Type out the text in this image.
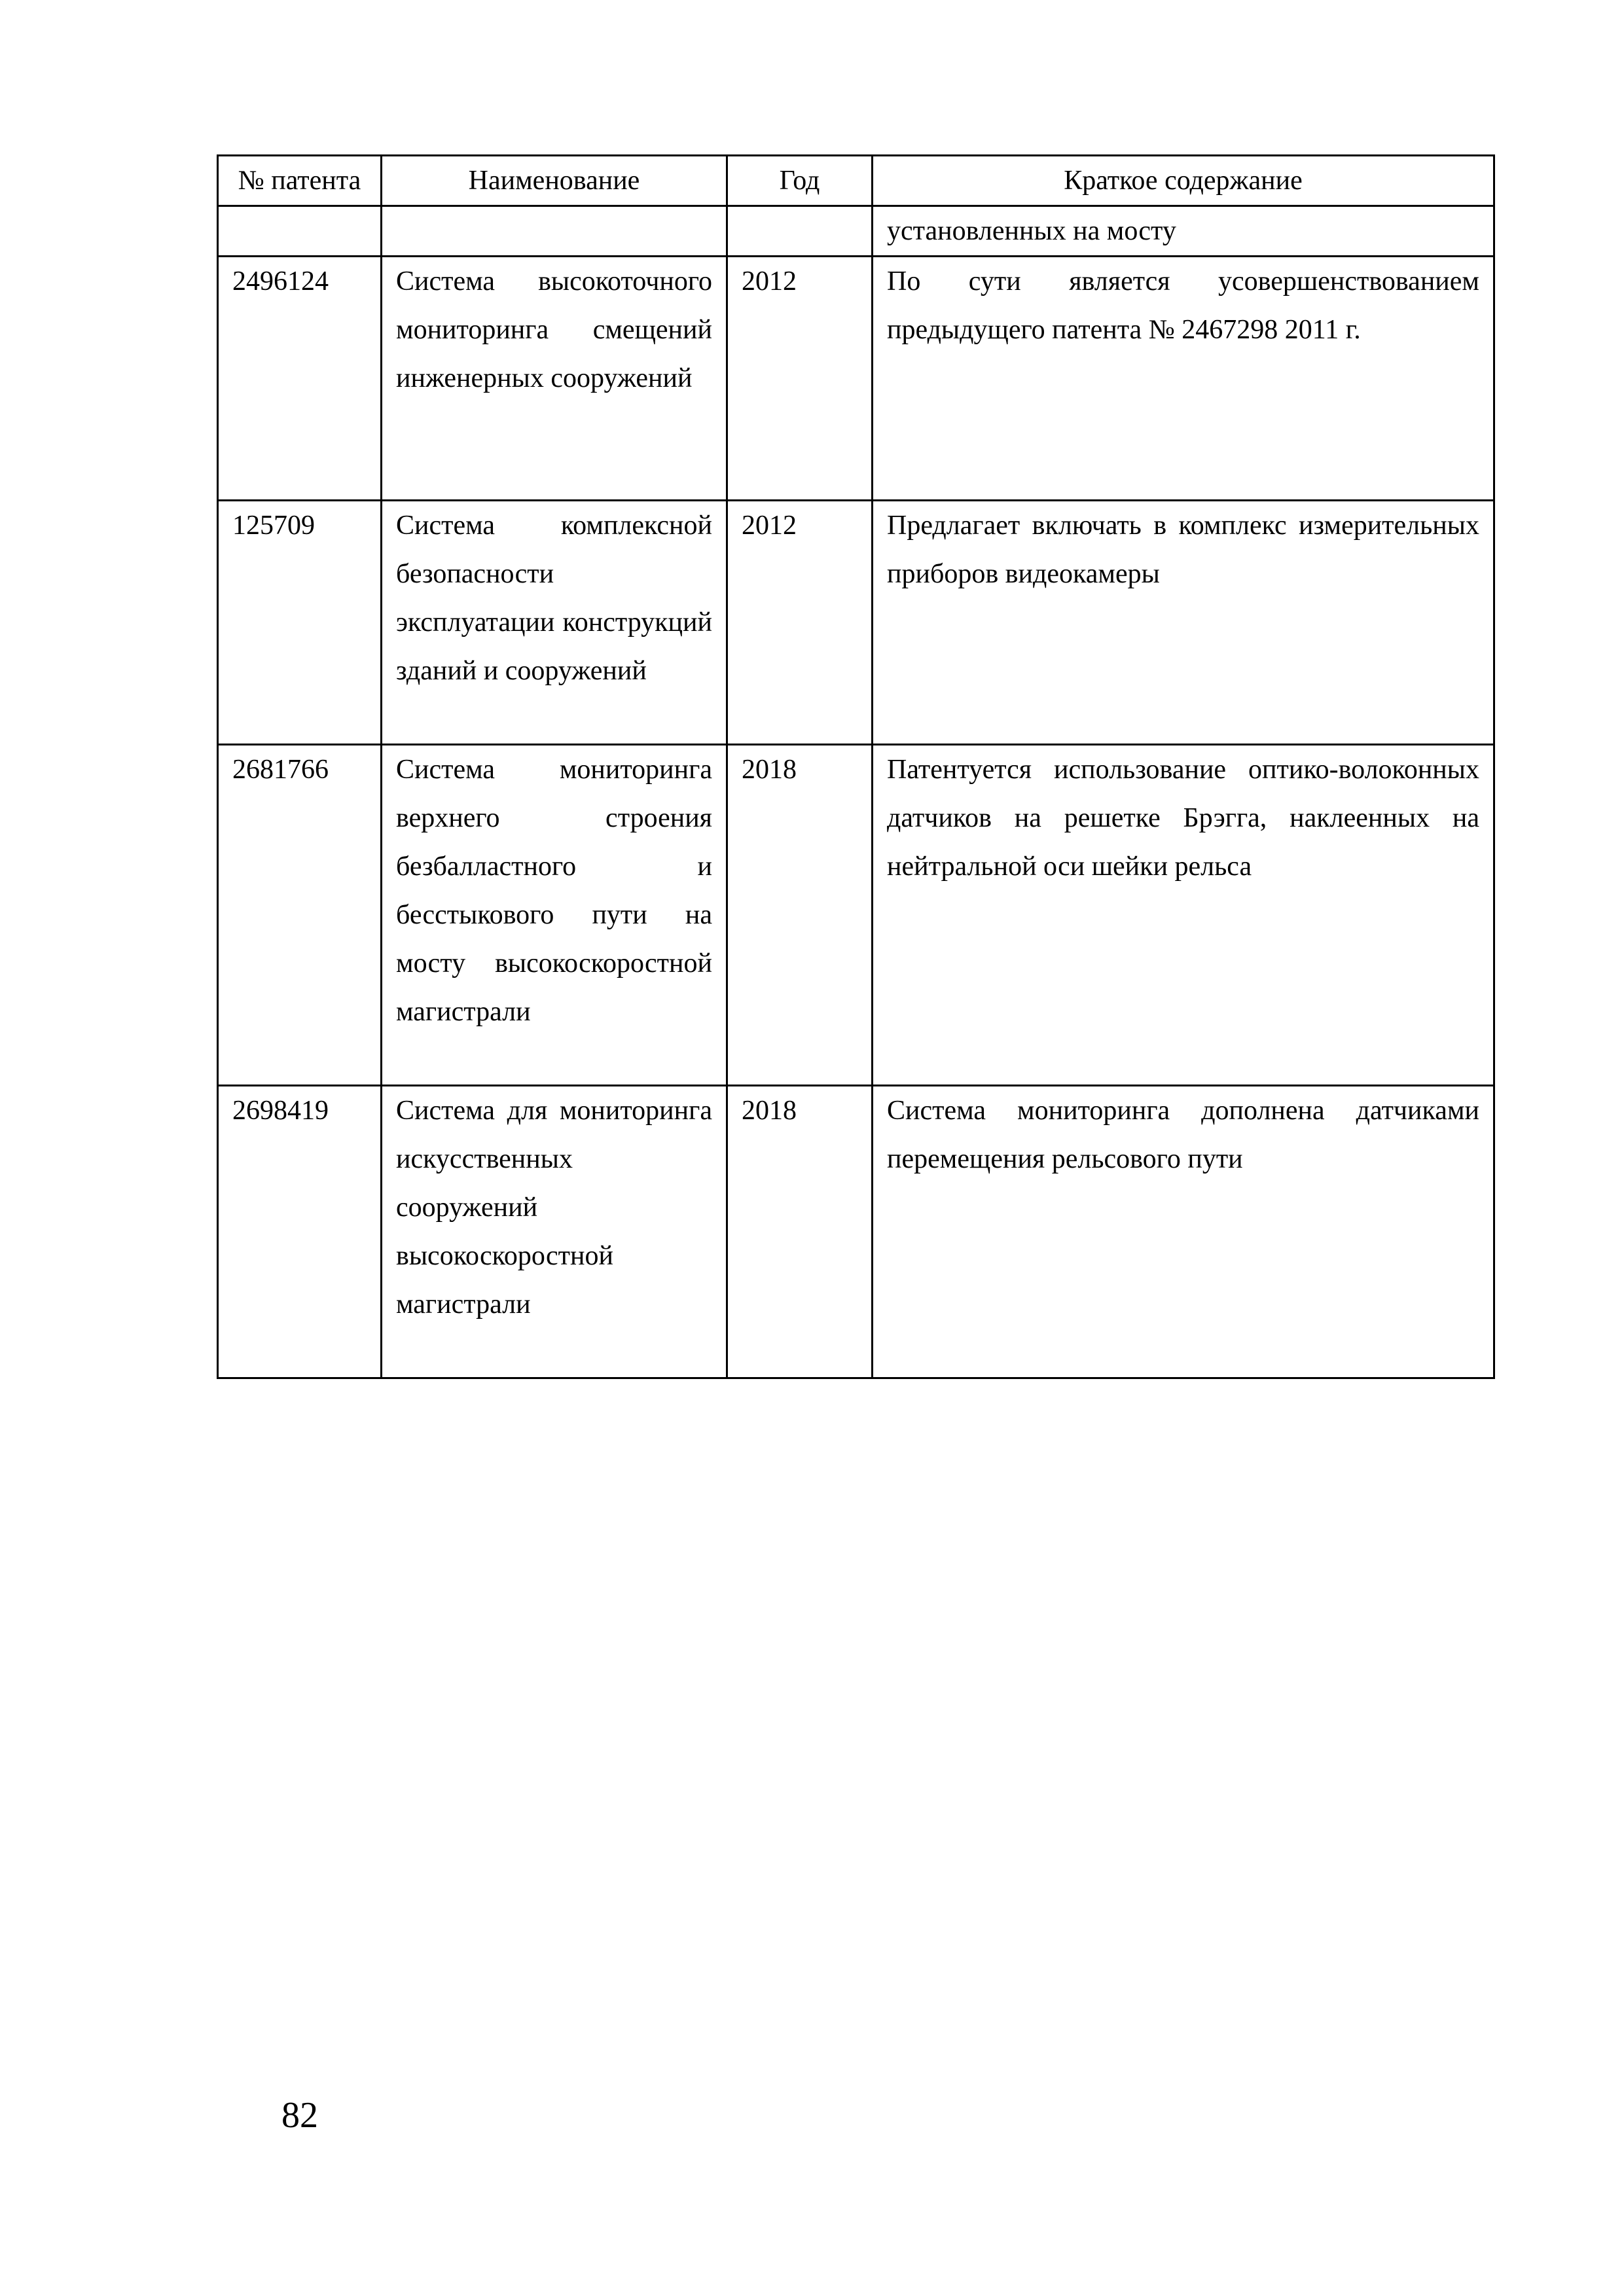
№ патента	Наименование	Год	Краткое содержание
			установленных на мосту
2496124	Система высокоточного мониторинга смещений инженерных сооружений	2012	По сути является усовершенствованием предыдущего патента № 2467298 2011 г.
125709	Система комплексной безопасности эксплуатации конструкций зданий и сооружений	2012	Предлагает включать в комплекс измерительных приборов видеокамеры
2681766	Система мониторинга верхнего строения безбалластного и бесстыкового пути на мосту высокоскоростной магистрали	2018	Патентуется использование оптико-волоконных датчиков на решетке Брэгга, наклеенных на нейтральной оси шейки рельса
2698419	Система для мониторинга искусственных сооружений высокоскоростной магистрали	2018	Система мониторинга дополнена датчиками перемещения рельсового пути
82
